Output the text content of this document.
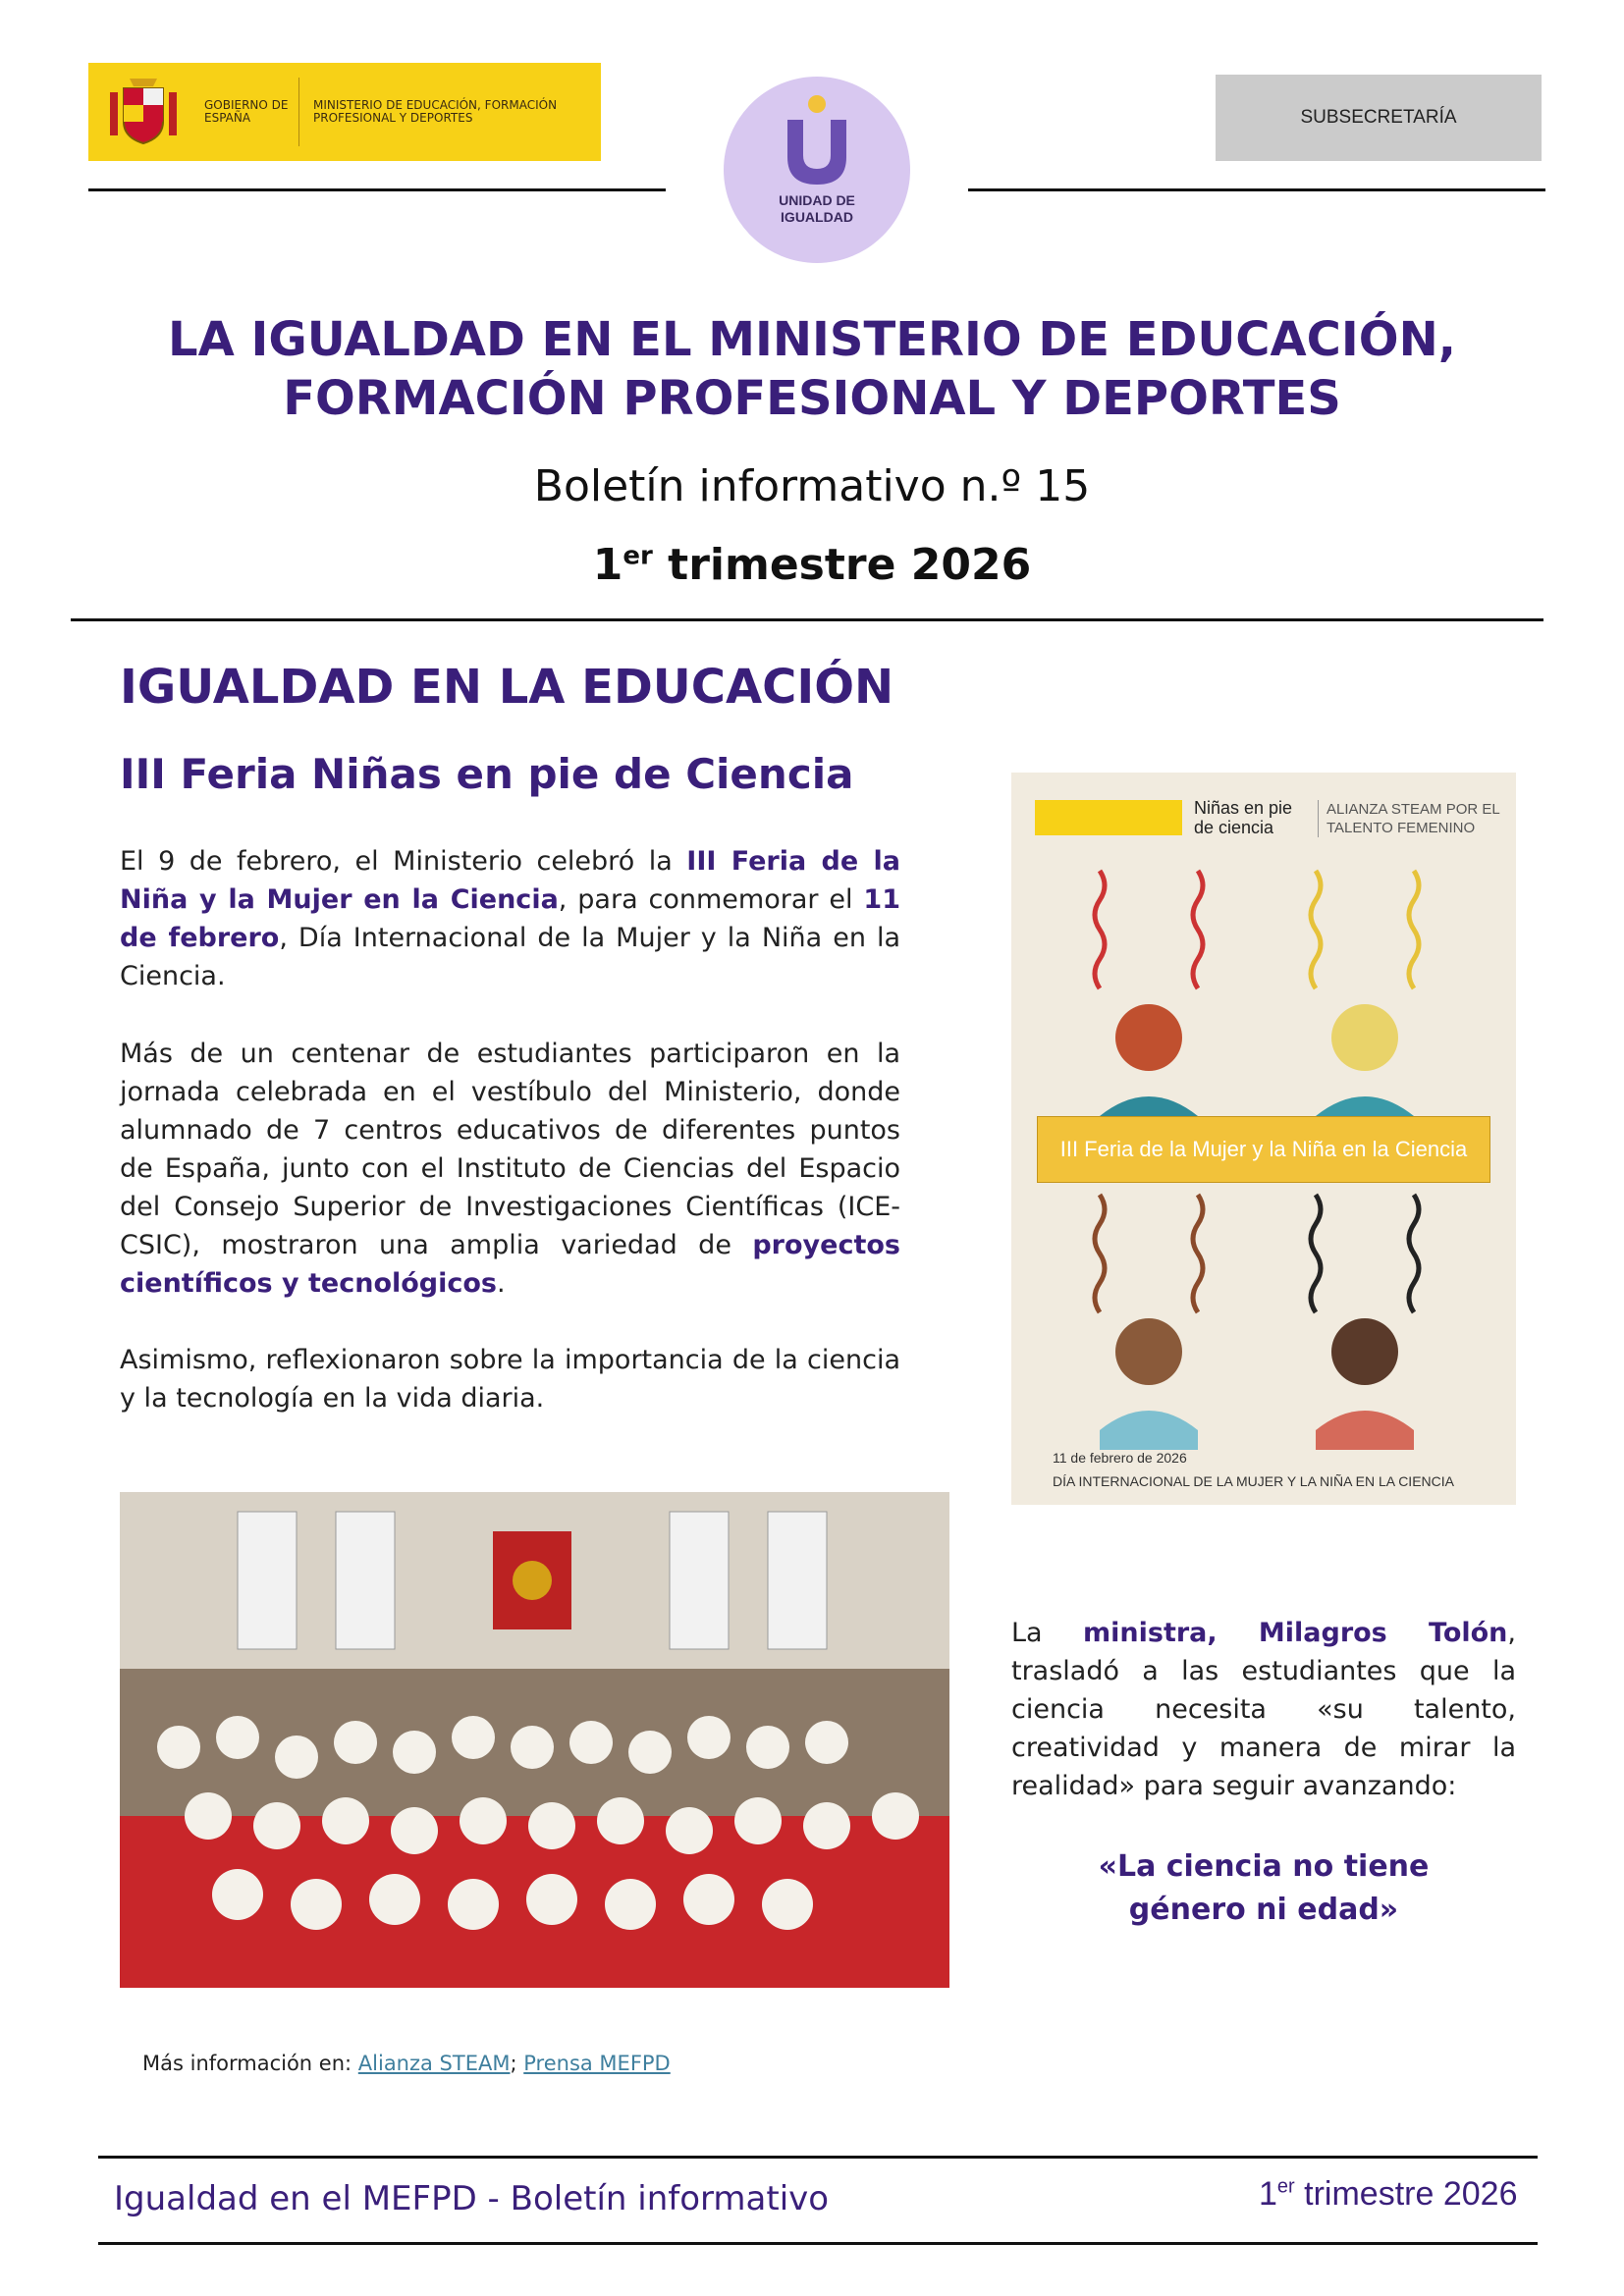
GOBIERNO DE ESPAÑA
MINISTERIO DE EDUCACIÓN, FORMACIÓN PROFESIONAL Y DEPORTES	SUBSECRETARÍA
UNIDAD DE
IGUALDAD
LA IGUALDAD EN EL MINISTERIO DE EDUCACIÓN,
FORMACIÓN PROFESIONAL Y DEPORTES
Boletín informativo n.º 15
1er trimestre 2026
IGUALDAD EN LA EDUCACIÓN
III Feria Niñas en pie de Ciencia
El 9 de febrero, el Ministerio celebró la III Feria de la Niña y la Mujer en la Ciencia, para conmemorar el 11 de febrero, Día Internacional de la Mujer y la Niña en la Ciencia.
Más de un centenar de estudiantes participaron en la jornada celebrada en el vestíbulo del Ministerio, donde alumnado de 7 centros educativos de diferentes puntos de España, junto con el Instituto de Ciencias del Espacio del Consejo Superior de Investigaciones Científicas (ICE-CSIC), mostraron una amplia variedad de proyectos científicos y tecnológicos.
Asimismo, reflexionaron sobre la importancia de la ciencia y la tecnología en la vida diaria.
Niñas en pie de ciencia
ALIANZA STEAM POR EL TALENTO FEMENINO
III Feria de la Mujer y la Niña en la Ciencia
11 de febrero de 2026
DÍA INTERNACIONAL DE LA MUJER Y LA NIÑA EN LA CIENCIA
La ministra, Milagros Tolón, trasladó a las estudiantes que la ciencia necesita «su talento, creatividad y manera de mirar la realidad» para seguir avanzando:
«La ciencia no tiene
género ni edad»
Más información en: Alianza STEAM; Prensa MEFPD
Igualdad en el MEFPD - Boletín informativo	1er trimestre 2026
